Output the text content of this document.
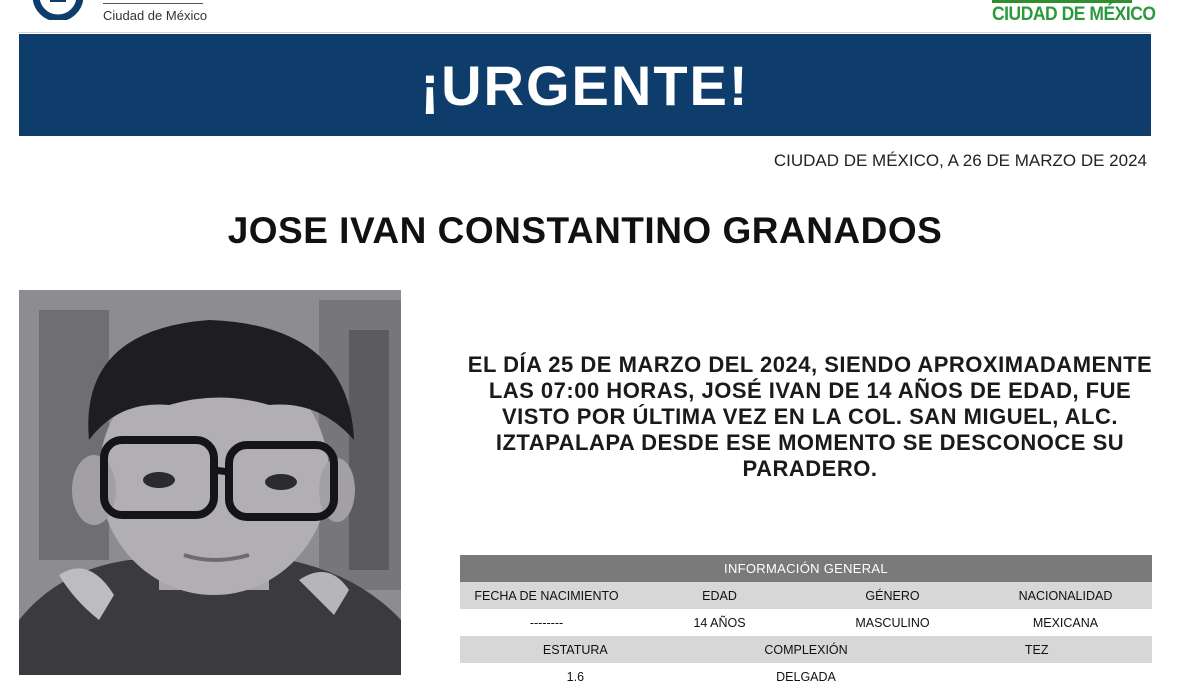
Ciudad de México	CIUDAD DE MÉXICO
¡URGENTE!
CIUDAD DE MÉXICO, A 26 DE MARZO DE 2024
JOSE IVAN CONSTANTINO GRANADOS
EL DÍA 25 DE MARZO DEL 2024, SIENDO APROXIMADAMENTE LAS 07:00 HORAS, JOSÉ IVAN DE 14 AÑOS DE EDAD, FUE VISTO POR ÚLTIMA VEZ EN LA COL. SAN MIGUEL, ALC. IZTAPALAPA DESDE ESE MOMENTO SE DESCONOCE SU PARADERO.
INFORMACIÓN GENERAL
FECHA DE NACIMIENTO	EDAD	GÉNERO	NACIONALIDAD
--------	14 AÑOS	MASCULINO	MEXICANA
ESTATURA	COMPLEXIÓN	TEZ
1.6	DELGADA
